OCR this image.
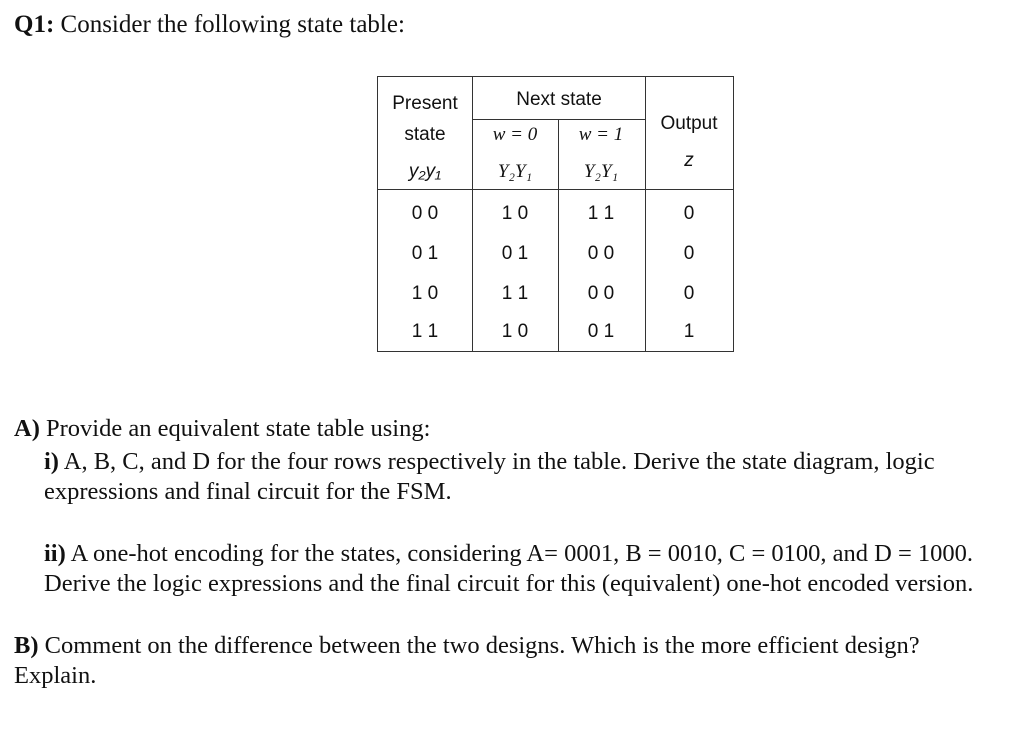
Q1: Consider the following state table:
Present
state
y₂y₁
Next state
w = 0 w = 1
Y₂Y₁	Y₂Y₁
Output
z
0 0	1 0	1 1	0
0 1	0 1	0 0	0
1 0	1 1	0 0	0
1 1	1 0	0 1	1
A) Provide an equivalent state table using:
i) A, B, C, and D for the four rows respectively in the table. Derive the state diagram, logic
expressions and final circuit for the FSM.
ii) A one-hot encoding for the states, considering A= 0001, B = 0010, C = 0100, and D = 1000.
Derive the logic expressions and the final circuit for this (equivalent) one-hot encoded version.
B) Comment on the difference between the two designs. Which is the more efficient design?
Explain.
